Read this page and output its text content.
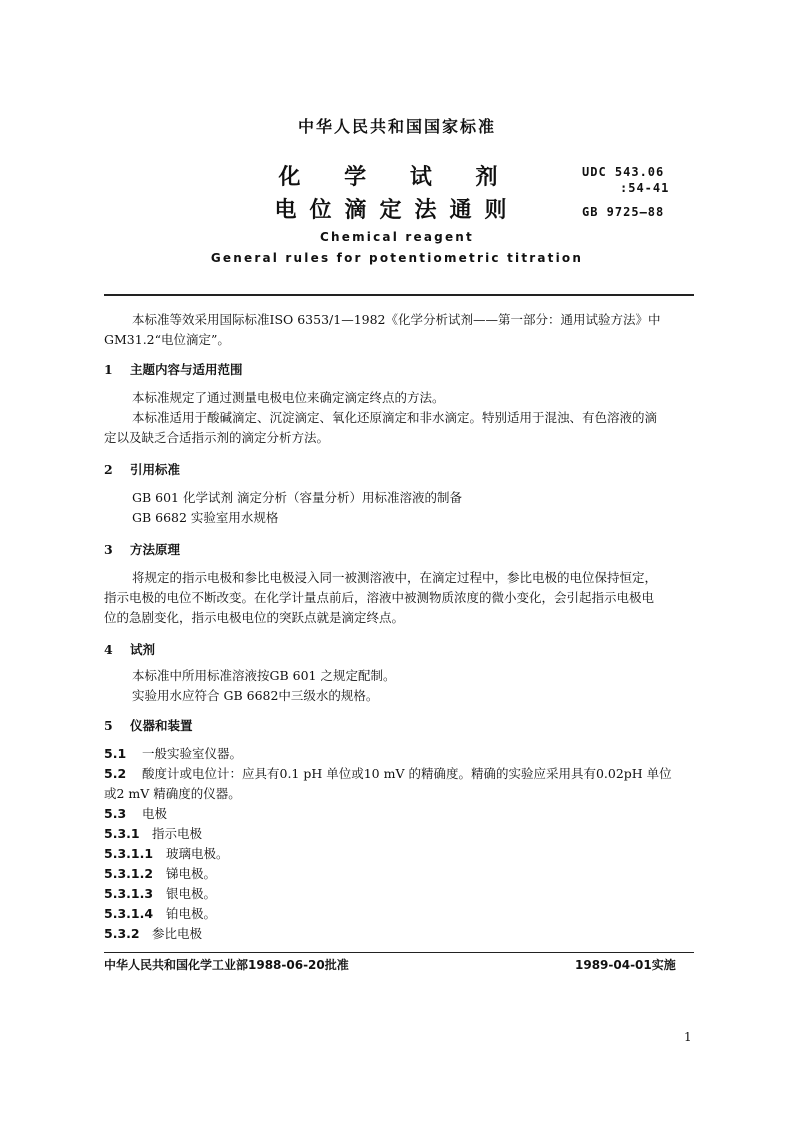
中华人民共和国国家标准
化 学 试 剂
电位滴定法通则
Chemical reagent
General rules for potentiometric titration
UDC 543.06
:54-41
GB 9725—88
本标准等效采用国际标准ISO 6353/1—1982《化学分析试剂——第一部分：通用试验方法》中
GM31.2“电位滴定”。
1 主题内容与适用范围
本标准规定了通过测量电极电位来确定滴定终点的方法。
本标准适用于酸碱滴定、沉淀滴定、氧化还原滴定和非水滴定。特别适用于混浊、有色溶液的滴
定以及缺乏合适指示剂的滴定分析方法。
2 引用标准
GB 601 化学试剂 滴定分析（容量分析）用标准溶液的制备
GB 6682 实验室用水规格
3 方法原理
将规定的指示电极和参比电极浸入同一被测溶液中，在滴定过程中，参比电极的电位保持恒定，
指示电极的电位不断改变。在化学计量点前后，溶液中被测物质浓度的微小变化，会引起指示电极电
位的急剧变化，指示电极电位的突跃点就是滴定终点。
4 试剂
本标准中所用标准溶液按GB 601 之规定配制。
实验用水应符合 GB 6682中三级水的规格。
5 仪器和装置
5.1 一般实验室仪器。
5.2 酸度计或电位计：应具有0.1 pH 单位或10 mV 的精确度。精确的实验应采用具有0.02pH 单位
或2 mV 精确度的仪器。
5.3 电极
5.3.1 指示电极
5.3.1.1 玻璃电极。
5.3.1.2 锑电极。
5.3.1.3 银电极。
5.3.1.4 铂电极。
5.3.2 参比电极
中华人民共和国化学工业部1988-06-20批准	1989-04-01实施
1
